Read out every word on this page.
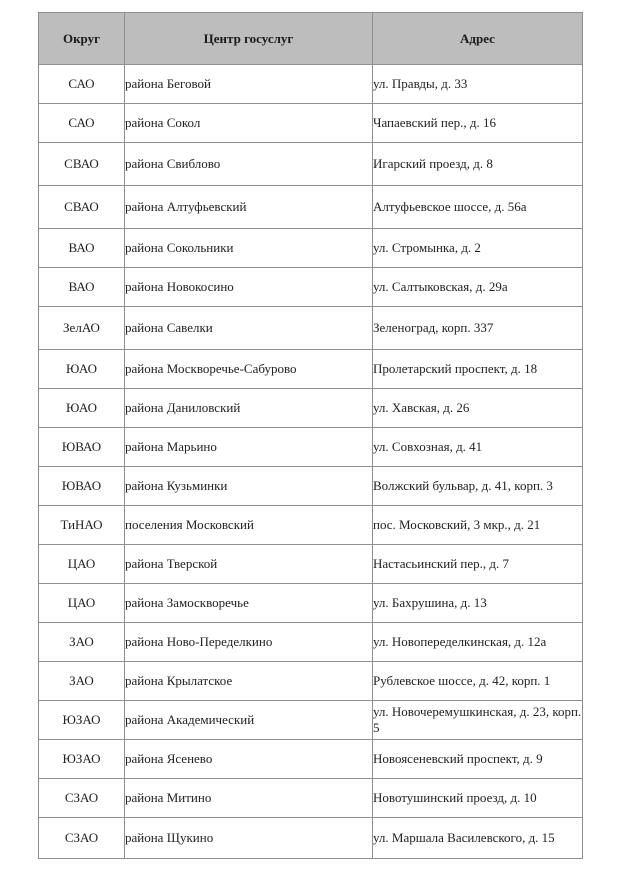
Округ	Центр госуслуг	Адрес
САО	района Беговой	ул. Правды, д. 33
САО	района Сокол	Чапаевский пер., д. 16
СВАО	района Свиблово	Игарский проезд, д. 8
СВАО	района Алтуфьевский	Алтуфьевское шоссе, д. 56а
ВАО	района Сокольники	ул. Стромынка, д. 2
ВАО	района Новокосино	ул. Салтыковская, д. 29а
ЗелАО	района Савелки	Зеленоград, корп. 337
ЮАО	района Москворечье-Сабурово	Пролетарский проспект, д. 18
ЮАО	района Даниловский	ул. Хавская, д. 26
ЮВАО	района Марьино	ул. Совхозная, д. 41
ЮВАО	района Кузьминки	Волжский бульвар, д. 41, корп. 3
ТиНАО	поселения Московский	пос. Московский, 3 мкр., д. 21
ЦАО	района Тверской	Настасьинский пер., д. 7
ЦАО	района Замоскворечье	ул. Бахрушина, д. 13
ЗАО	района Ново-Переделкино	ул. Новопеределкинская, д. 12а
ЗАО	района Крылатское	Рублевское шоссе, д. 42, корп. 1
ЮЗАО	района Академический	ул. Новочеремушкинская, д. 23, корп. 5
ЮЗАО	района Ясенево	Новоясеневский проспект, д. 9
СЗАО	района Митино	Новотушинский проезд, д. 10
СЗАО	района Щукино	ул. Маршала Василевского, д. 15
